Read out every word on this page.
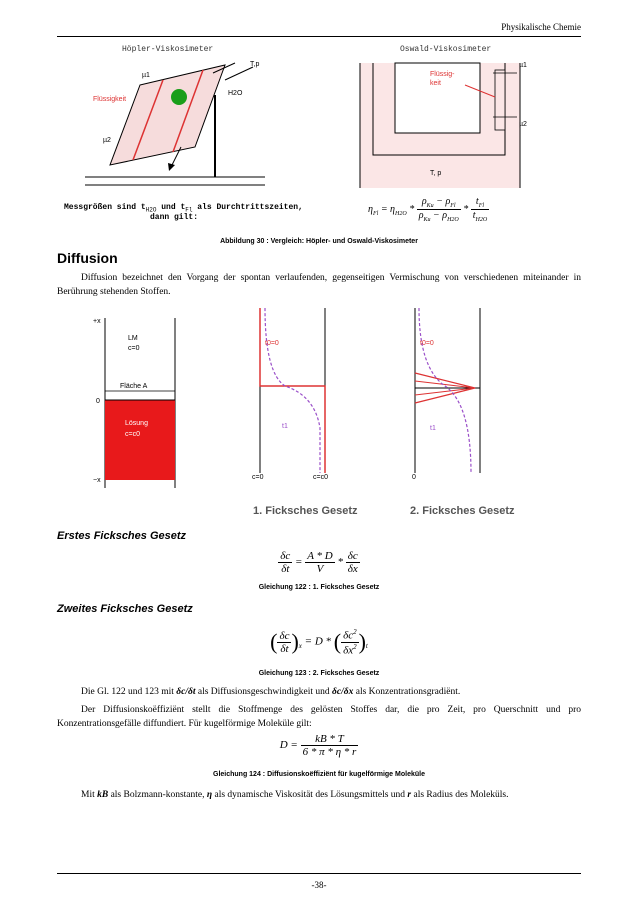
Physikalische Chemie
Höpler-Viskosimeter	Oswald-Viskosimeter
T,p
µ1
µ2
H2O
Flüssigkeit
µ1
µ2
Flüssig-
keit
T, p
Messgrößen sind $t_{H2O}$ und $t_{Fl}$ als Durchtrittszeiten,
dann gilt:
$\eta_{Fl} = \eta_{H2O} * \frac{\rho_{Ku} - \rho_{Fl}}{\rho_{Ku} - \rho_{H2O}} * \frac{t_{Fl}}{t_{H2O}}$
Abbildung 30 : Vergleich: Höpler- und Oswald-Viskosimeter
Diffusion
Diffusion bezeichnet den Vorgang der spontan verlaufenden, gegenseitigen Vermischung von verschiedenen miteinander in Berührung stehenden Stoffen.
+x
−x
0
LM
c=0
Fläche A
Lösung
c=c0
t0=0
t1
c=0	c=c0
t0=0
t1
0
1. Ficksches Gesetz	2. Ficksches Gesetz
Erstes Ficksches Gesetz
$\frac{\delta c}{\delta t} = \frac{A * D}{V} * \frac{\delta c}{\delta x}$
Gleichung 122 : 1. Ficksches Gesetz
Zweites Ficksches Gesetz
( $\frac{\delta c}{\delta t} )_x = D$ * ( $\frac{\delta c^2}{\delta x^2} )_t$
Gleichung 123 : 2. Ficksches Gesetz
Die Gl. 122 und 123 mit δc/δt als Diffusionsgeschwindigkeit und δc/δx als Konzentrationsgradiënt.
Der Diffusionskoëffiziënt stellt die Stoffmenge des gelösten Stoffes dar, die pro Zeit, pro Querschnitt und pro Konzentrationsgefälle diffundiert. Für kugelförmige Moleküle gilt:
$D = \frac{kB * T}{6 * \pi * \eta * r}$
Gleichung 124 : Diffusionskoëffiziënt für kugelförmige Moleküle
Mit kB als Bolzmann-konstante, η als dynamische Viskosität des Lösungsmittels und r als Radius des Moleküls.
-38-
